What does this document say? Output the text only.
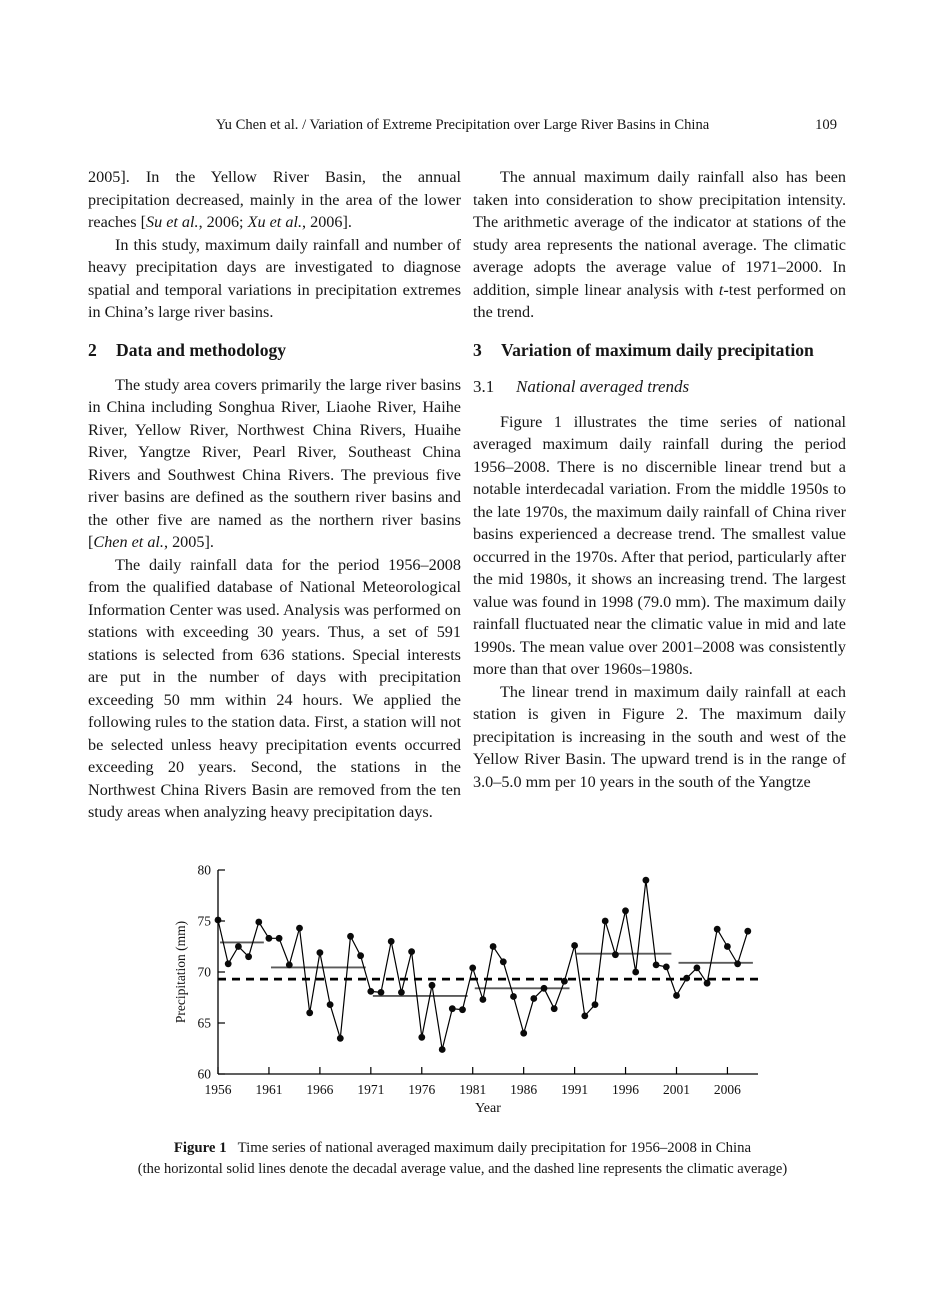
Yu Chen et al. / Variation of Extreme Precipitation over Large River Basins in China	109

2005]. In the Yellow River Basin, the annual precipitation decreased, mainly in the area of the lower reaches [Su et al., 2006; Xu et al., 2006].

In this study, maximum daily rainfall and number of heavy precipitation days are investigated to diagnose spatial and temporal variations in precipitation extremes in China’s large river basins.

2	Data and methodology

The study area covers primarily the large river basins in China including Songhua River, Liaohe River, Haihe River, Yellow River, Northwest China Rivers, Huaihe River, Yangtze River, Pearl River, Southeast China Rivers and Southwest China Rivers. The previous five river basins are defined as the southern river basins and the other five are named as the northern river basins [Chen et al., 2005].

The daily rainfall data for the period 1956–2008 from the qualified database of National Meteorological Information Center was used. Analysis was performed on stations with exceeding 30 years. Thus, a set of 591 stations is selected from 636 stations. Special interests are put in the number of days with precipitation exceeding 50 mm within 24 hours. We applied the following rules to the station data. First, a station will not be selected unless heavy precipitation events occurred exceeding 20 years. Second, the stations in the Northwest China Rivers Basin are removed from the ten study areas when analyzing heavy precipitation days.

The annual maximum daily rainfall also has been taken into consideration to show precipitation intensity. The arithmetic average of the indicator at stations of the study area represents the national average. The climatic average adopts the average value of 1971–2000. In addition, simple linear analysis with t-test performed on the trend.

3	Variation of maximum daily precipitation
3.1	National averaged trends

Figure 1 illustrates the time series of national averaged maximum daily rainfall during the period 1956–2008. There is no discernible linear trend but a notable interdecadal variation. From the middle 1950s to the late 1970s, the maximum daily rainfall of China river basins experienced a decrease trend. The smallest value occurred in the 1970s. After that period, particularly after the mid 1980s, it shows an increasing trend. The largest value was found in 1998 (79.0 mm). The maximum daily rainfall fluctuated near the climatic value in mid and late 1990s. The mean value over 2001–2008 was consistently more than that over 1960s–1980s.

The linear trend in maximum daily rainfall at each station is given in Figure 2. The maximum daily precipitation is increasing in the south and west of the Yellow River Basin. The upward trend is in the range of 3.0–5.0 mm per 10 years in the south of the Yangtze

1956 1961 1966 1971 1976 1981 1986 1991 1996 2001 2006
60
65
70
75
80
Precipitation (mm)
Year
Figure 1 Time series of national averaged maximum daily precipitation for 1956–2008 in China
(the horizontal solid lines denote the decadal average value, and the dashed line represents the climatic average)
